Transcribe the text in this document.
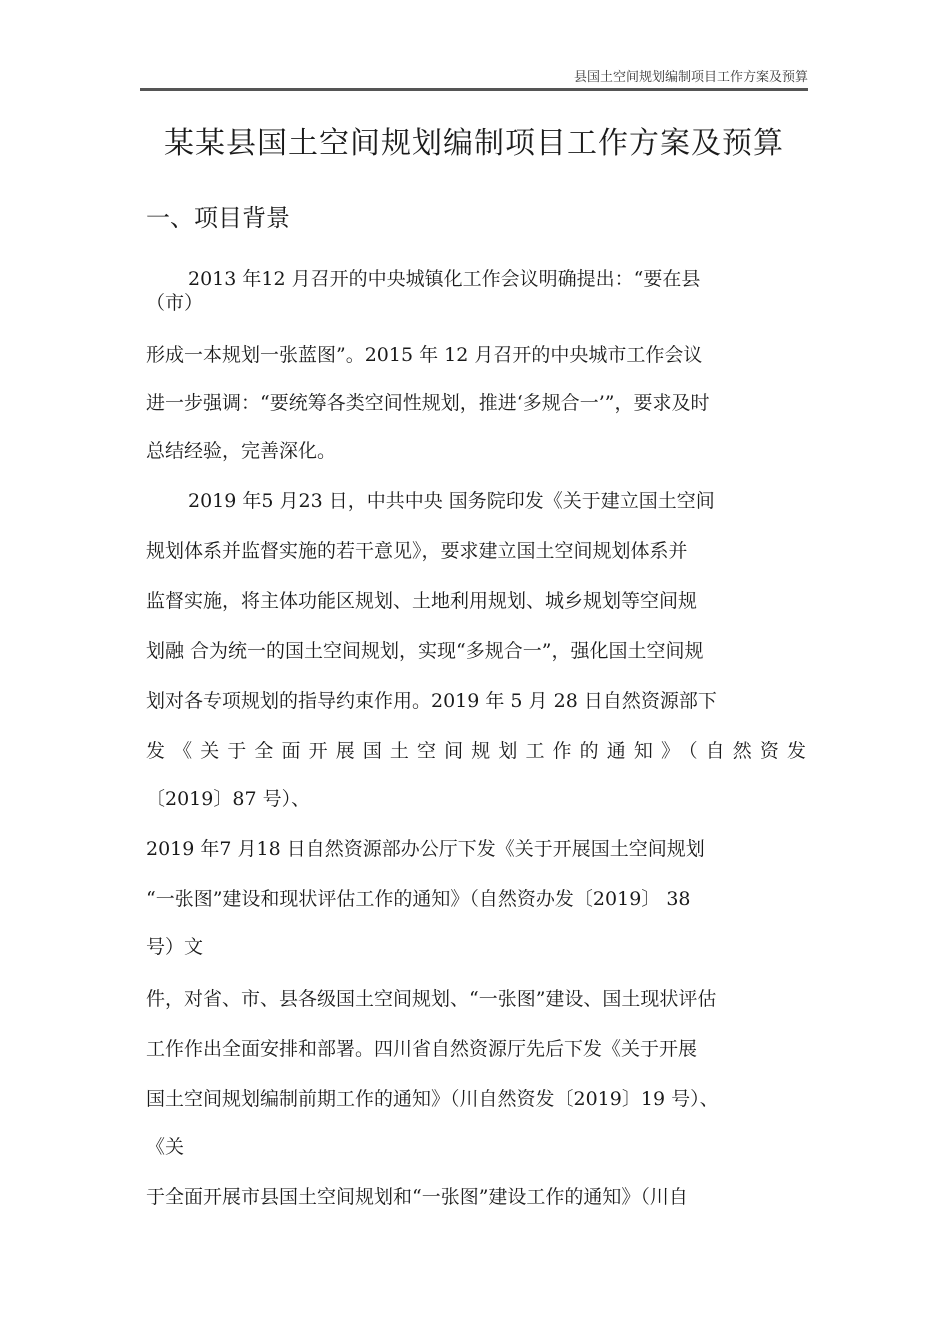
县国土空间规划编制项目工作方案及预算
某某县国土空间规划编制项目工作方案及预算
一、项目背景
2013 年12 月召开的中央城镇化工作会议明确提出：“要在县
（市）
形成一本规划一张蓝图”。2015 年 12 月召开的中央城市工作会议
进一步强调：“要统筹各类空间性规划，推进‘多规合一’”，要求及时
总结经验，完善深化。
2019 年5 月23 日，中共中央 国务院印发《关于建立国土空间
规划体系并监督实施的若干意见》，要求建立国土空间规划体系并
监督实施，将主体功能区规划、土地利用规划、城乡规划等空间规
划融 合为统一的国土空间规划，实现“多规合一”，强化国土空间规
划对各专项规划的指导约束作用。2019 年 5 月 28 日自然资源部下
发《关于全面开展国土空间规划工作的通知》（自然资发
〔2019〕87 号）、
2019 年7 月18 日自然资源部办公厅下发《关于开展国土空间规划
“一张图”建设和现状评估工作的通知》（自然资办发〔2019〕 38
号）文
件，对省、市、县各级国土空间规划、“一张图”建设、国土现状评估
工作作出全面安排和部署。四川省自然资源厅先后下发《关于开展
国土空间规划编制前期工作的通知》（川自然资发〔2019〕19 号）、
《关
于全面开展市县国土空间规划和“一张图”建设工作的通知》（川自
